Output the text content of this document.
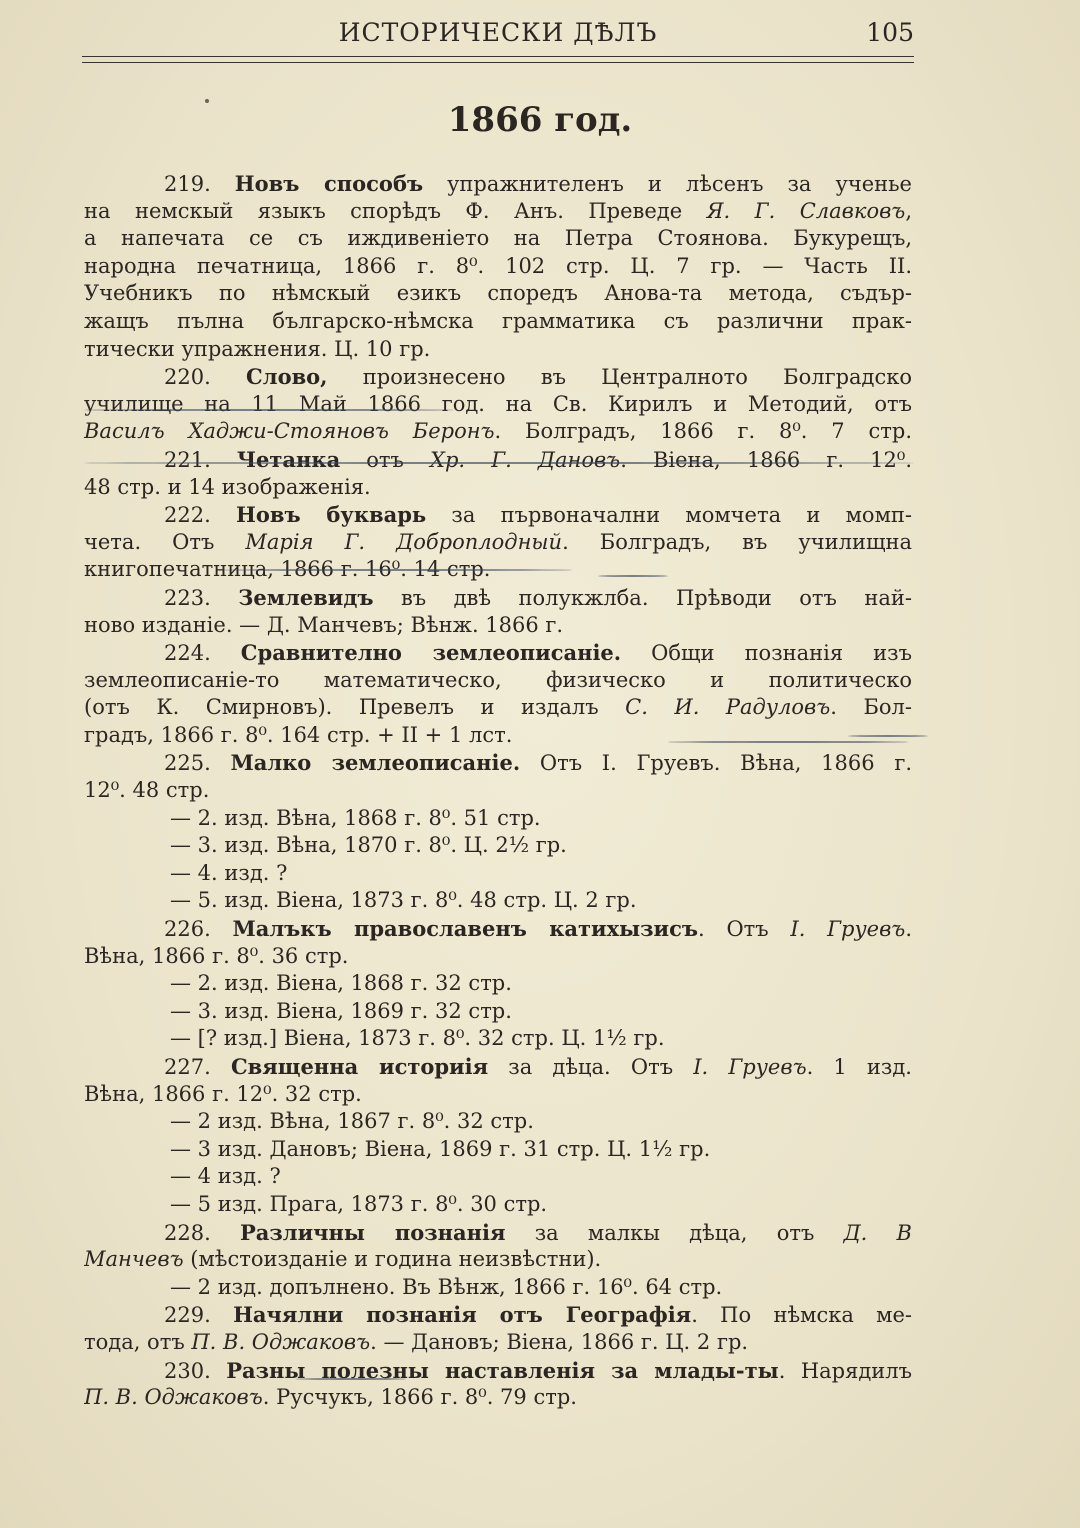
ИСТОРИЧЕСКИ ДѢЛЪ	105
1866 год.
219. Новъ способъ упражнителенъ и лѣсенъ за ученье
на немскый языкъ спорѣдъ Ф. Анъ. Преведе Я. Г. Славковъ,
а напечата се съ иждивеніето на Петра Стоянова. Букурещъ,
народна печатница, 1866 г. 8⁰. 102 стр. Ц. 7 гр. — Часть II.
Учебникъ по нѣмскый езикъ споредъ Анова-та метода, съдър-
жащъ пълна българско-нѣмска грамматика съ различни прак-
тически упражнения. Ц. 10 гр.
220. Слово, произнесено въ Централното Болградско
училище на 11 Май 1866 год. на Св. Кирилъ и Методий, отъ
Василъ Хаджи-Стояновъ Беронъ. Болградъ, 1866 г. 8⁰. 7 стр.
221. Четанка отъ Хр. Г. Дановъ. Віена, 1866 г. 12⁰.
48 стр. и 14 изображенія.
222. Новъ букварь за първоначални момчета и момп-
чета. Отъ Марія Г. Доброплодный. Болградъ, въ училищна
книгопечатница, 1866 г. 16⁰. 14 стр.
223. Землевидъ въ двѣ полукжлба. Прѣводи отъ най-
ново изданіе. — Д. Манчевъ; Вѣнж. 1866 г.
224. Сравнително землеописаніе. Общи познанія изъ
землеописаніе-то математическо, физическо и политическо
(отъ К. Смирновъ). Превелъ и издалъ С. И. Радуловъ. Бол-
градъ, 1866 г. 8⁰. 164 стр. + II + 1 лст.
225. Малко землеописаніе. Отъ I. Груевъ. Вѣна, 1866 г.
12⁰. 48 стр.
— 2. изд. Вѣна, 1868 г. 8⁰. 51 стр.
— 3. изд. Вѣна, 1870 г. 8⁰. Ц. 2½ гр.
— 4. изд. ?
— 5. изд. Віена, 1873 г. 8⁰. 48 стр. Ц. 2 гр.
226. Малъкъ православенъ катихызисъ. Отъ I. Груевъ.
Вѣна, 1866 г. 8⁰. 36 стр.
— 2. изд. Віена, 1868 г. 32 стр.
— 3. изд. Віена, 1869 г. 32 стр.
— [? изд.] Віена, 1873 г. 8⁰. 32 стр. Ц. 1½ гр.
227. Священна историія за дѣца. Отъ I. Груевъ. 1 изд.
Вѣна, 1866 г. 12⁰. 32 стр.
— 2 изд. Вѣна, 1867 г. 8⁰. 32 стр.
— 3 изд. Дановъ; Віена, 1869 г. 31 стр. Ц. 1½ гр.
— 4 изд. ?
— 5 изд. Прага, 1873 г. 8⁰. 30 стр.
228. Различны познанія за малкы дѣца, отъ Д. В
Манчевъ (мѣстоизданіе и година неизвѣстни).
— 2 изд. допълнено. Въ Вѣнж, 1866 г. 16⁰. 64 стр.
229. Начялни познанія отъ Географія. По нѣмска ме-
тода, отъ П. В. Оджаковъ. — Дановъ; Віена, 1866 г. Ц. 2 гр.
230. Разны полезны наставленія за млады-ты. Нарядилъ
П. В. Оджаковъ. Русчукъ, 1866 г. 8⁰. 79 стр.
